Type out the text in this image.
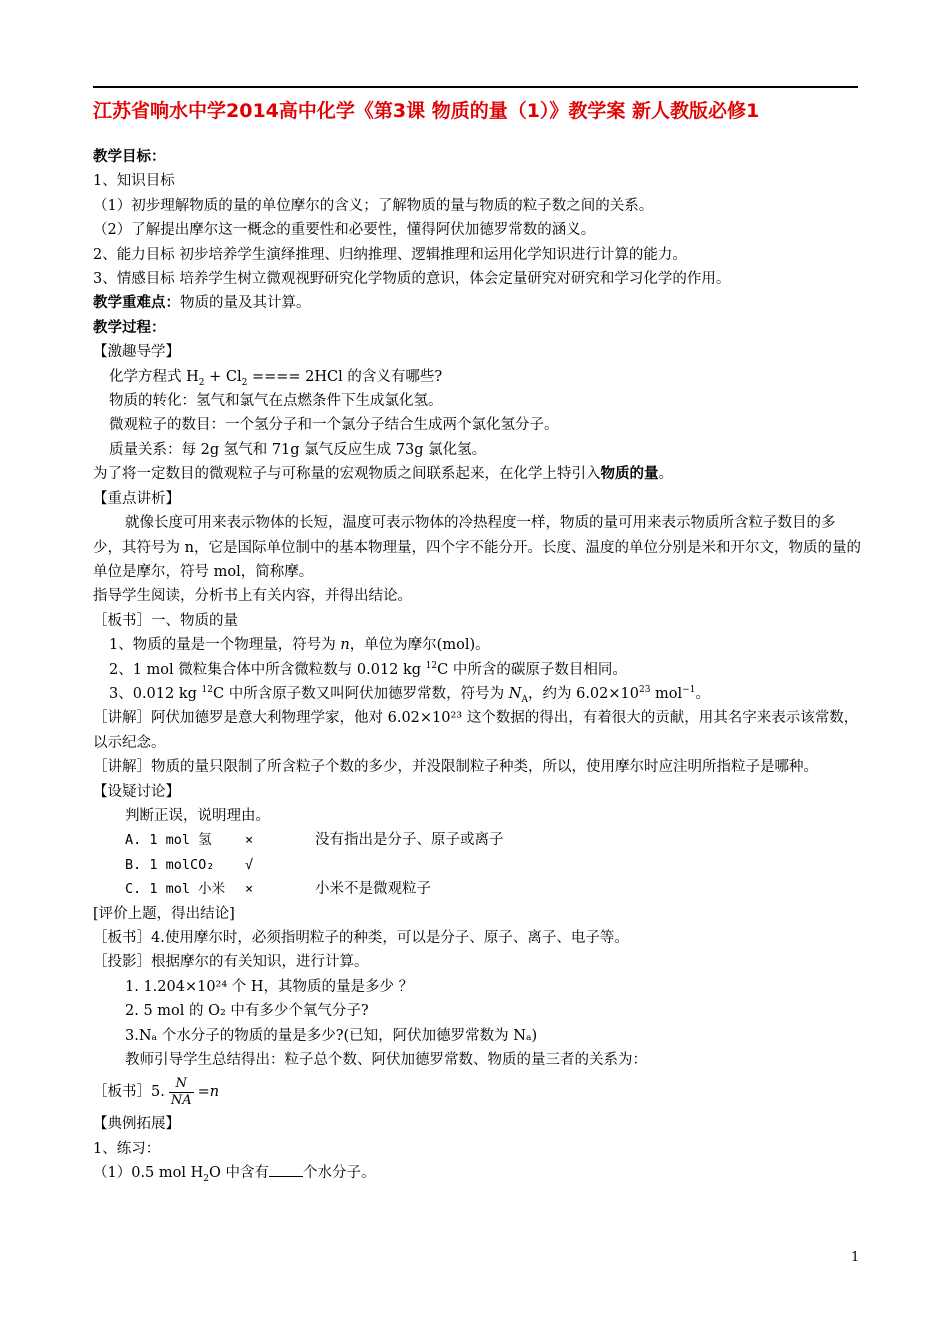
江苏省响水中学2014高中化学《第3课 物质的量（1）》教学案 新人教版必修1
教学目标：
1、知识目标
（1）初步理解物质的量的单位摩尔的含义；了解物质的量与物质的粒子数之间的关系。
（2）了解提出摩尔这一概念的重要性和必要性，懂得阿伏加德罗常数的涵义。
2、能力目标 初步培养学生演绎推理、归纳推理、逻辑推理和运用化学知识进行计算的能力。
3、情感目标 培养学生树立微观视野研究化学物质的意识，体会定量研究对研究和学习化学的作用。
教学重难点：物质的量及其计算。
教学过程：
【激趣导学】
化学方程式 $H_2 + Cl_2$ ==== 2HCl 的含义有哪些?
物质的转化：氢气和氯气在点燃条件下生成氯化氢。
微观粒子的数目：一个氢分子和一个氯分子结合生成两个氯化氢分子。
质量关系：每 2g 氢气和 71g 氯气反应生成 73g 氯化氢。
为了将一定数目的微观粒子与可称量的宏观物质之间联系起来，在化学上特引入物质的量。
【重点讲析】
就像长度可用来表示物体的长短，温度可表示物体的冷热程度一样，物质的量可用来表示物质所含粒子数目的多少，其符号为 n，它是国际单位制中的基本物理量，四个字不能分开。长度、温度的单位分别是米和开尔文，物质的量的单位是摩尔，符号 mol，简称摩。
指导学生阅读，分析书上有关内容，并得出结论。
［板书］一、物质的量
1、物质的量是一个物理量，符号为 n，单位为摩尔(mol)。
2、1 mol 微粒集合体中所含微粒数与 0.012 kg $^{12}$C 中所含的碳原子数目相同。
3、0.012 kg $^{12}$C 中所含原子数又叫阿伏加德罗常数，符号为 $N_A$，约为 $6.02\times 10^{23}$ mol$^{-1}$。
［讲解］阿伏加德罗是意大利物理学家，他对 6.02×10²³ 这个数据的得出，有着很大的贡献，用其名字来表示该常数，以示纪念。
［讲解］物质的量只限制了所含粒子个数的多少，并没限制粒子种类，所以，使用摩尔时应注明所指粒子是哪种。
【设疑讨论】
判断正误，说明理由。
A. 1 mol 氢 ×	没有指出是分子、原子或离子
B. 1 molCO₂ √
C. 1 mol 小米 ×	小米不是微观粒子
[评价上题，得出结论]
［板书］4.使用摩尔时，必须指明粒子的种类，可以是分子、原子、离子、电子等。
［投影］根据摩尔的有关知识，进行计算。
1. 1.204×10²⁴ 个 H，其物质的量是多少 ？
2. 5 mol 的 O₂ 中有多少个氧气分子?
3.Nₐ 个水分子的物质的量是多少?(已知，阿伏加德罗常数为 Nₐ)
教师引导学生总结得出：粒子总个数、阿伏加德罗常数、物质的量三者的关系为：
［板书］5. $\frac{N}{NA} =n$
【典例拓展】
1、练习：
（1）0.5 mol $H_2O$ 中含有 个水分子。
1
